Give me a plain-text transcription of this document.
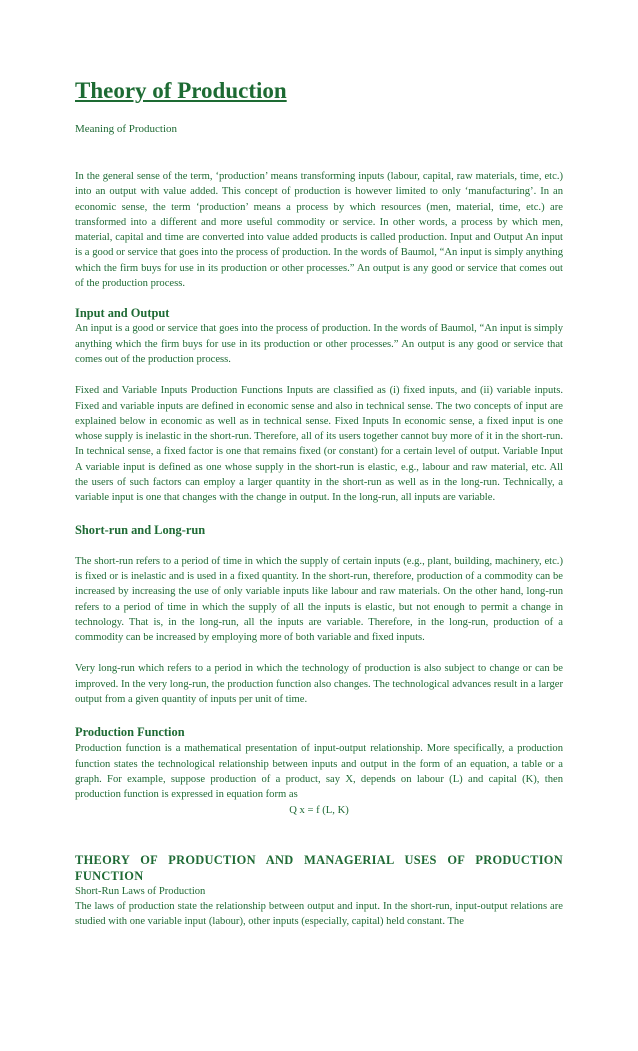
Theory of Production

Meaning of Production

In the general sense of the term, ‘production’ means transforming inputs (labour, capital, raw materials, time, etc.) into an output with value added. This concept of production is however limited to only ‘manufacturing’. In an economic sense, the term ‘production’ means a process by which resources (men, material, time, etc.) are transformed into a different and more useful commodity or service. In other words, a process by which men, material, capital and time are converted into value added products is called production. Input and Output An input is a good or service that goes into the process of production. In the words of Baumol, “An input is simply anything which the firm buys for use in its production or other processes.” An output is any good or service that comes out of the production process.

Input and Output

An input is a good or service that goes into the process of production. In the words of Baumol, “An input is simply anything which the firm buys for use in its production or other processes.” An output is any good or service that comes out of the production process.

Fixed and Variable Inputs Production Functions Inputs are classified as (i) fixed inputs, and (ii) variable inputs. Fixed and variable inputs are defined in economic sense and also in technical sense. The two concepts of input are explained below in economic as well as in technical sense. Fixed Inputs In economic sense, a fixed input is one whose supply is inelastic in the short-run. Therefore, all of its users together cannot buy more of it in the short-run. In technical sense, a fixed factor is one that remains fixed (or constant) for a certain level of output. Variable Input A variable input is defined as one whose supply in the short-run is elastic, e.g., labour and raw material, etc. All the users of such factors can employ a larger quantity in the short-run as well as in the long-run. Technically, a variable input is one that changes with the change in output. In the long-run, all inputs are variable.

Short-run and Long-run

The short-run refers to a period of time in which the supply of certain inputs (e.g., plant, building, machinery, etc.) is fixed or is inelastic and is used in a fixed quantity. In the short-run, therefore, production of a commodity can be increased by increasing the use of only variable inputs like labour and raw materials. On the other hand, long-run refers to a period of time in which the supply of all the inputs is elastic, but not enough to permit a change in technology. That is, in the long-run, all the inputs are variable. Therefore, in the long-run, production of a commodity can be increased by employing more of both variable and fixed inputs.

Very long-run which refers to a period in which the technology of production is also subject to change or can be improved. In the very long-run, the production function also changes. The technological advances result in a larger output from a given quantity of inputs per unit of time.

Production Function

Production function is a mathematical presentation of input-output relationship. More specifically, a production function states the technological relationship between inputs and output in the form of an equation, a table or a graph. For example, suppose production of a product, say X, depends on labour (L) and capital (K), then production function is expressed in equation form as

Q x = f (L, K)

THEORY OF PRODUCTION AND MANAGERIAL USES OF PRODUCTION FUNCTION

Short-Run Laws of Production

The laws of production state the relationship between output and input. In the short-run, input-output relations are studied with one variable input (labour), other inputs (especially, capital) held constant. The
